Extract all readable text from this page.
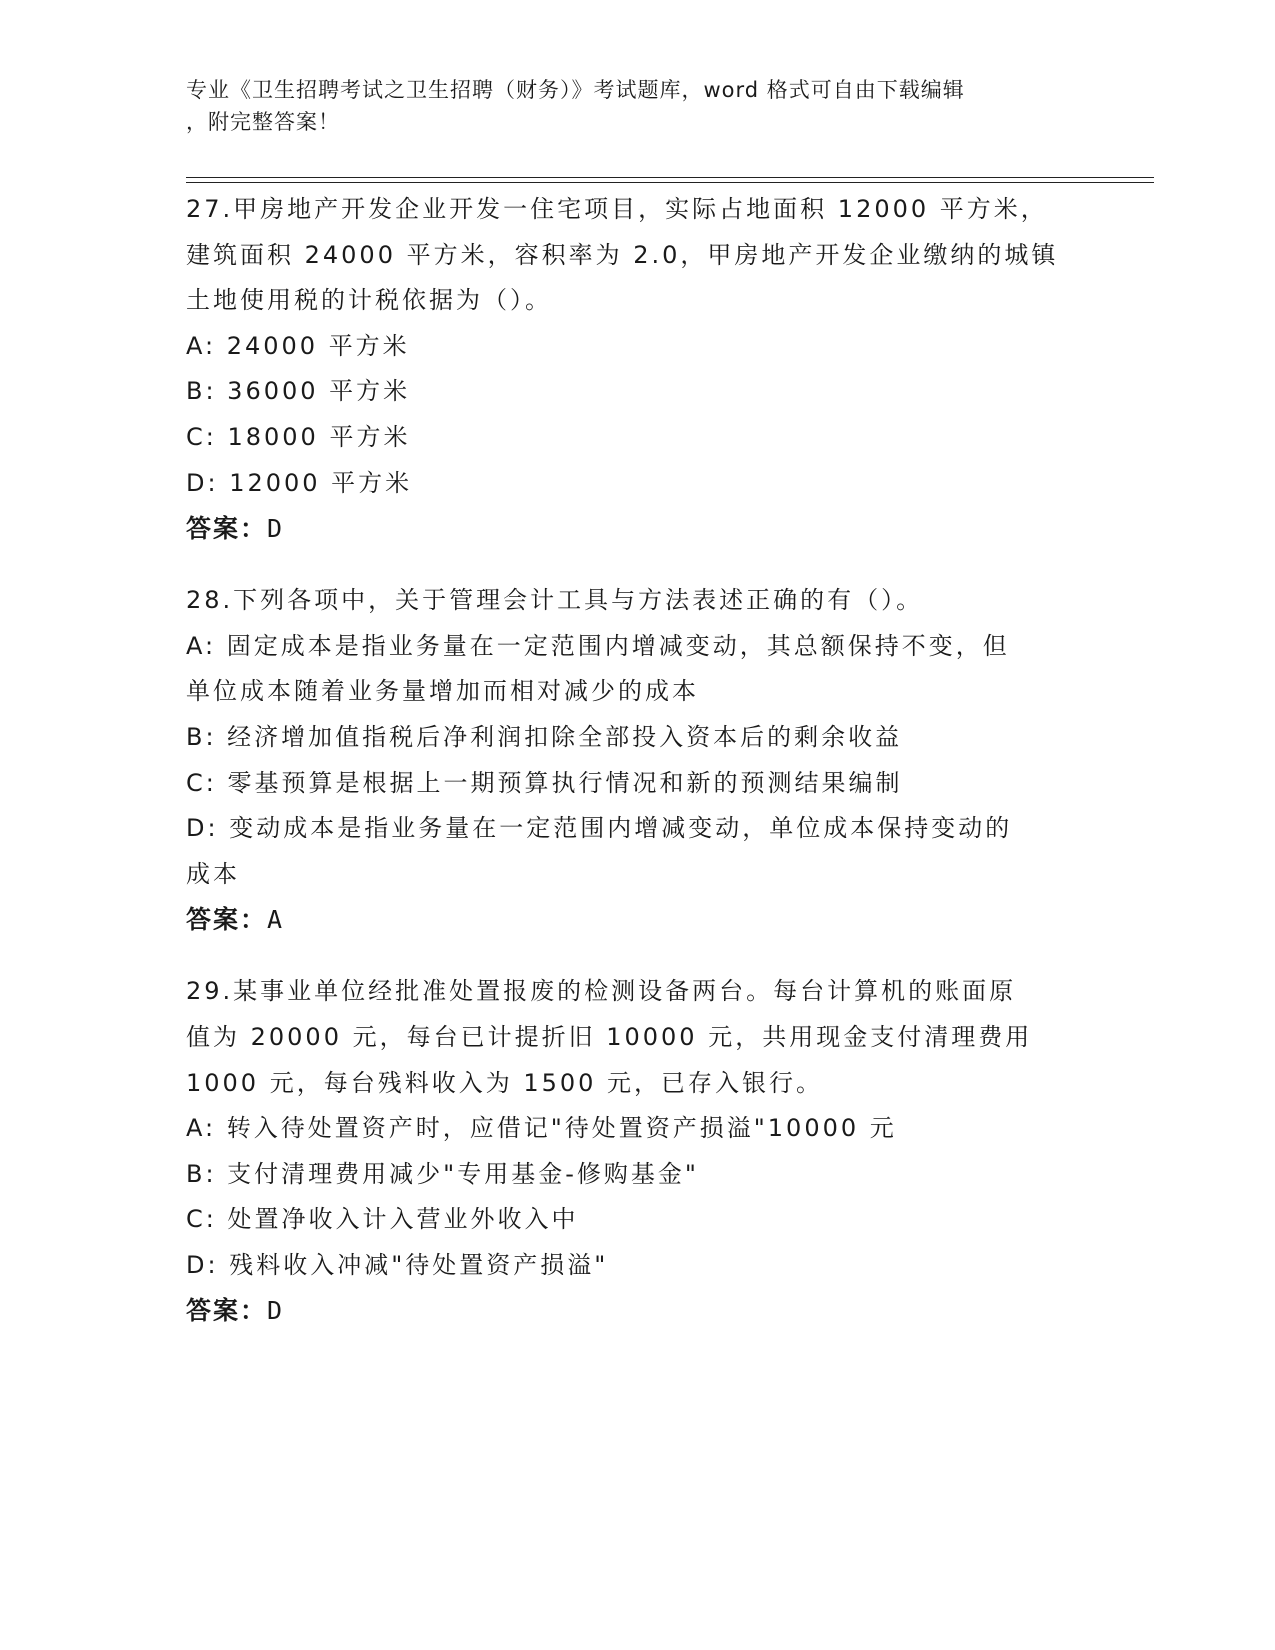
专业《卫生招聘考试之卫生招聘（财务）》考试题库，word 格式可自由下载编辑
，附完整答案！

27.甲房地产开发企业开发一住宅项目，实际占地面积 12000 平方米，

建筑面积 24000 平方米，容积率为 2.0，甲房地产开发企业缴纳的城镇

土地使用税的计税依据为（）。

A: 24000 平方米

B: 36000 平方米

C: 18000 平方米

D: 12000 平方米

答案：D

28.下列各项中，关于管理会计工具与方法表述正确的有（）。

A: 固定成本是指业务量在一定范围内增减变动，其总额保持不变，但

单位成本随着业务量增加而相对减少的成本

B: 经济增加值指税后净利润扣除全部投入资本后的剩余收益

C: 零基预算是根据上一期预算执行情况和新的预测结果编制

D: 变动成本是指业务量在一定范围内增减变动，单位成本保持变动的

成本

答案：A

29.某事业单位经批准处置报废的检测设备两台。每台计算机的账面原

值为 20000 元，每台已计提折旧 10000 元，共用现金支付清理费用

1000 元，每台残料收入为 1500 元，已存入银行。

A: 转入待处置资产时，应借记"待处置资产损溢"10000 元

B: 支付清理费用减少"专用基金-修购基金"

C: 处置净收入计入营业外收入中

D: 残料收入冲减"待处置资产损溢"

答案：D
